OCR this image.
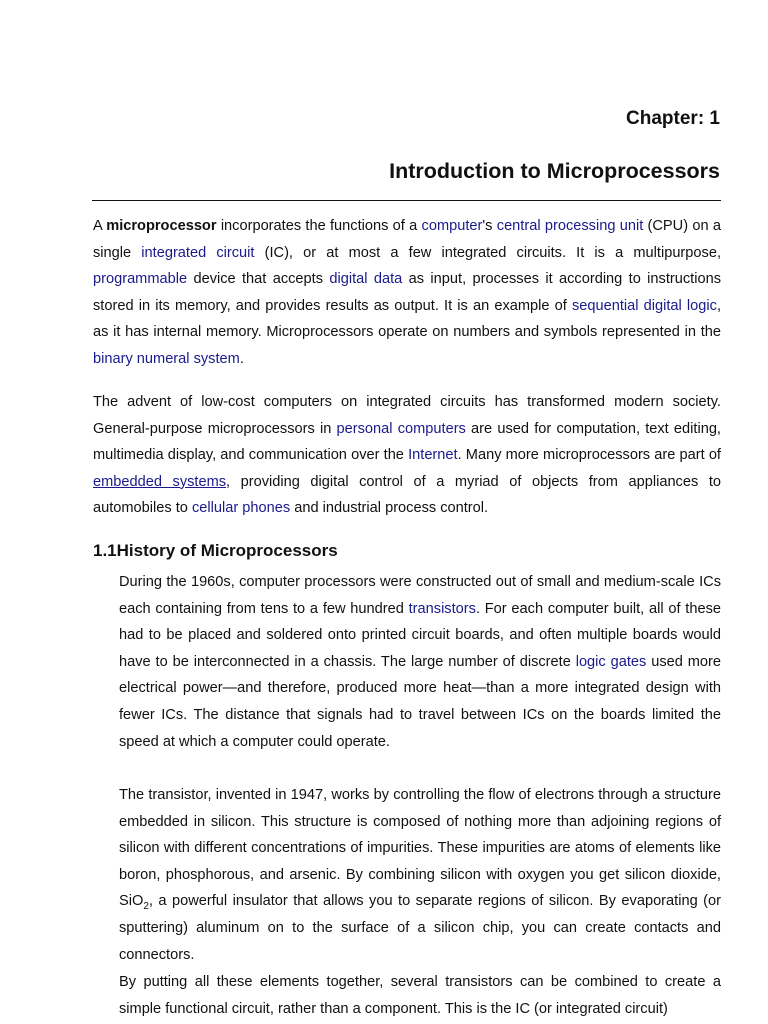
Chapter: 1
Introduction to Microprocessors

A microprocessor incorporates the functions of a computer's central processing unit (CPU) on a single integrated circuit (IC), or at most a few integrated circuits. It is a multipurpose, programmable device that accepts digital data as input, processes it according to instructions stored in its memory, and provides results as output. It is an example of sequential digital logic, as it has internal memory. Microprocessors operate on numbers and symbols represented in the binary numeral system.

The advent of low-cost computers on integrated circuits has transformed modern society. General-purpose microprocessors in personal computers are used for computation, text editing, multimedia display, and communication over the Internet. Many more microprocessors are part of embedded systems, providing digital control of a myriad of objects from appliances to automobiles to cellular phones and industrial process control.

1.1History of Microprocessors

During the 1960s, computer processors were constructed out of small and medium-scale ICs each containing from tens to a few hundred transistors. For each computer built, all of these had to be placed and soldered onto printed circuit boards, and often multiple boards would have to be interconnected in a chassis. The large number of discrete logic gates used more electrical power—and therefore, produced more heat—than a more integrated design with fewer ICs. The distance that signals had to travel between ICs on the boards limited the speed at which a computer could operate.

The transistor, invented in 1947, works by controlling the flow of electrons through a structure embedded in silicon. This structure is composed of nothing more than adjoining regions of silicon with different concentrations of impurities. These impurities are atoms of elements like boron, phosphorous, and arsenic. By combining silicon with oxygen you get silicon dioxide, SiO$_2$, a powerful insulator that allows you to separate regions of silicon. By evaporating (or sputtering) aluminum on to the surface of a silicon chip, you can create contacts and connectors.

By putting all these elements together, several transistors can be combined to create a simple functional circuit, rather than a component. This is the IC (or integrated circuit)
